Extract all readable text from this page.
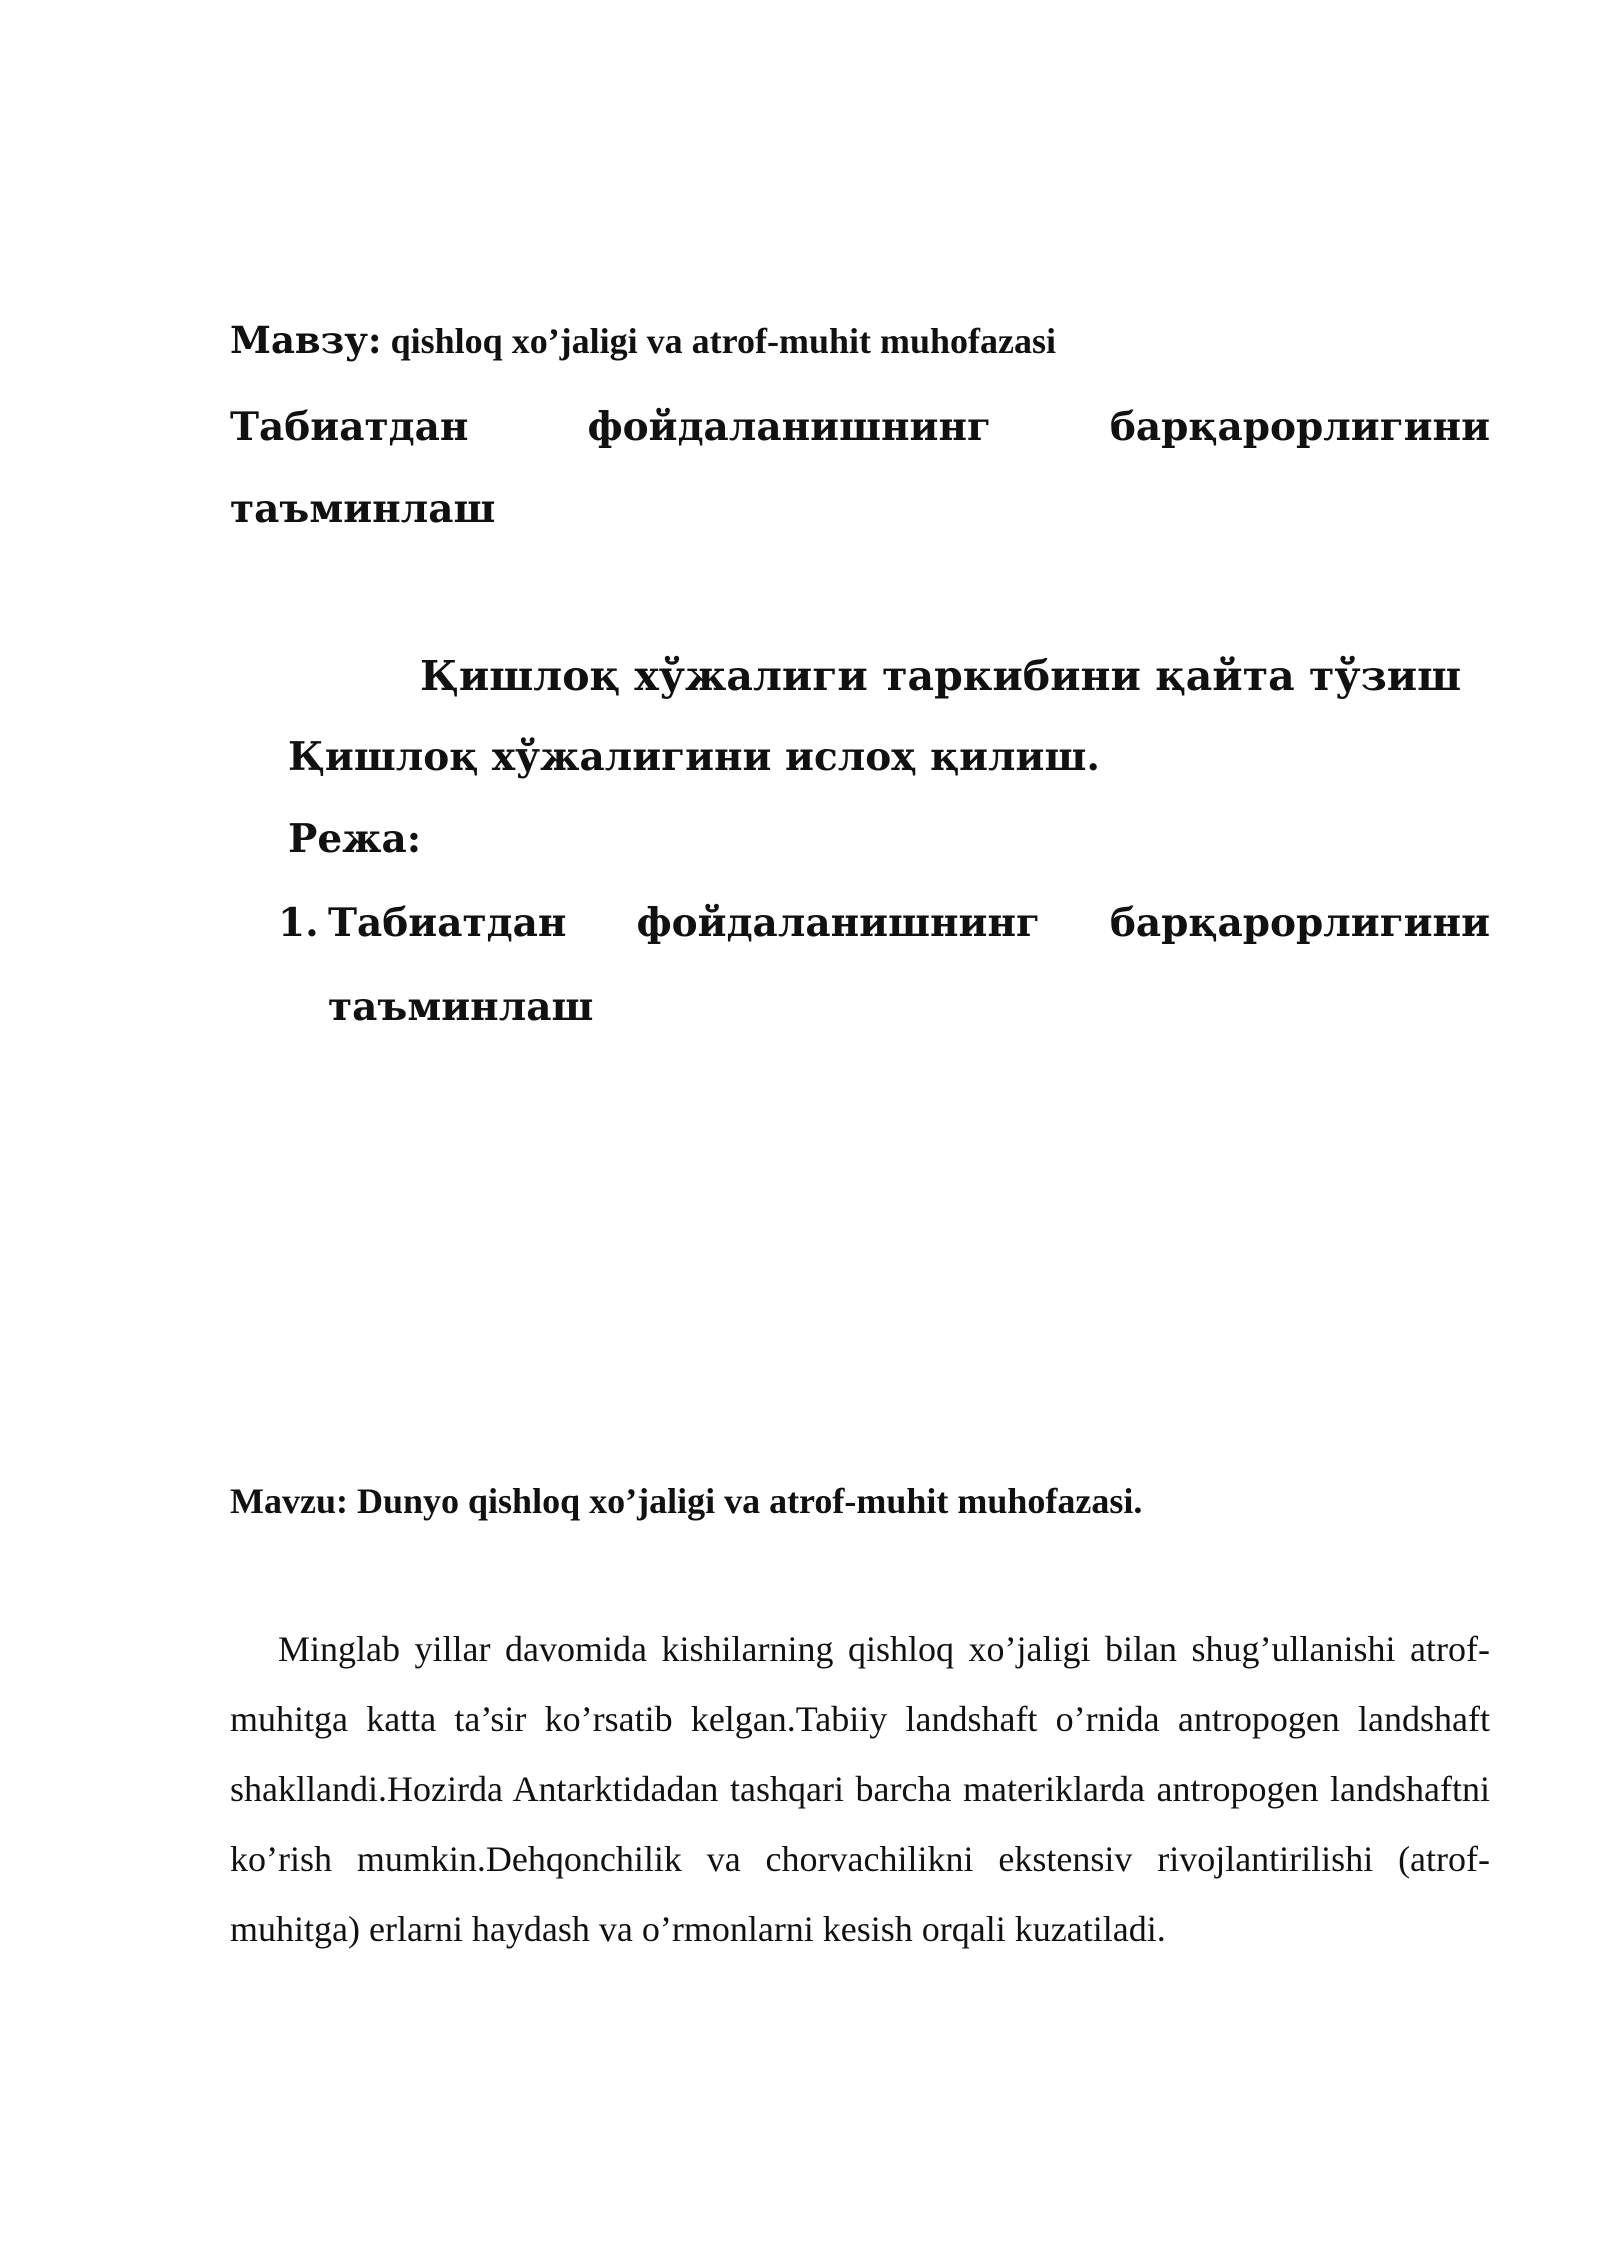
Мавзу: qishloq xo’jaligi va atrof-muhit muhofazasi
Табиатдан	фойдаланишнинг	барқарорлигини
таъминлаш
Қишлоқ хўжалиги таркибини қайта тўзиш
Қишлоқ хўжалигини ислоҳ қилиш.
Режа:
1. Табиатдан фойдаланишнинг барқарорлигини
таъминлаш
Mavzu: Dunyo qishloq xo’jaligi va atrof-muhit muhofazasi.
Minglab yillar davomida kishilarning qishloq xo’jaligi bilan shug’ullanishi atrof-muhitga katta ta’sir ko’rsatib kelgan.Tabiiy landshaft o’rnida antropogen landshaft shakllandi.Hozirda Antarktidadan tashqari barcha materiklarda antropogen landshaftni ko’rish mumkin.Dehqonchilik va chorvachilikni ekstensiv rivojlantirilishi (atrof-muhitga) erlarni haydash va o’rmonlarni kesish orqali kuzatiladi.
